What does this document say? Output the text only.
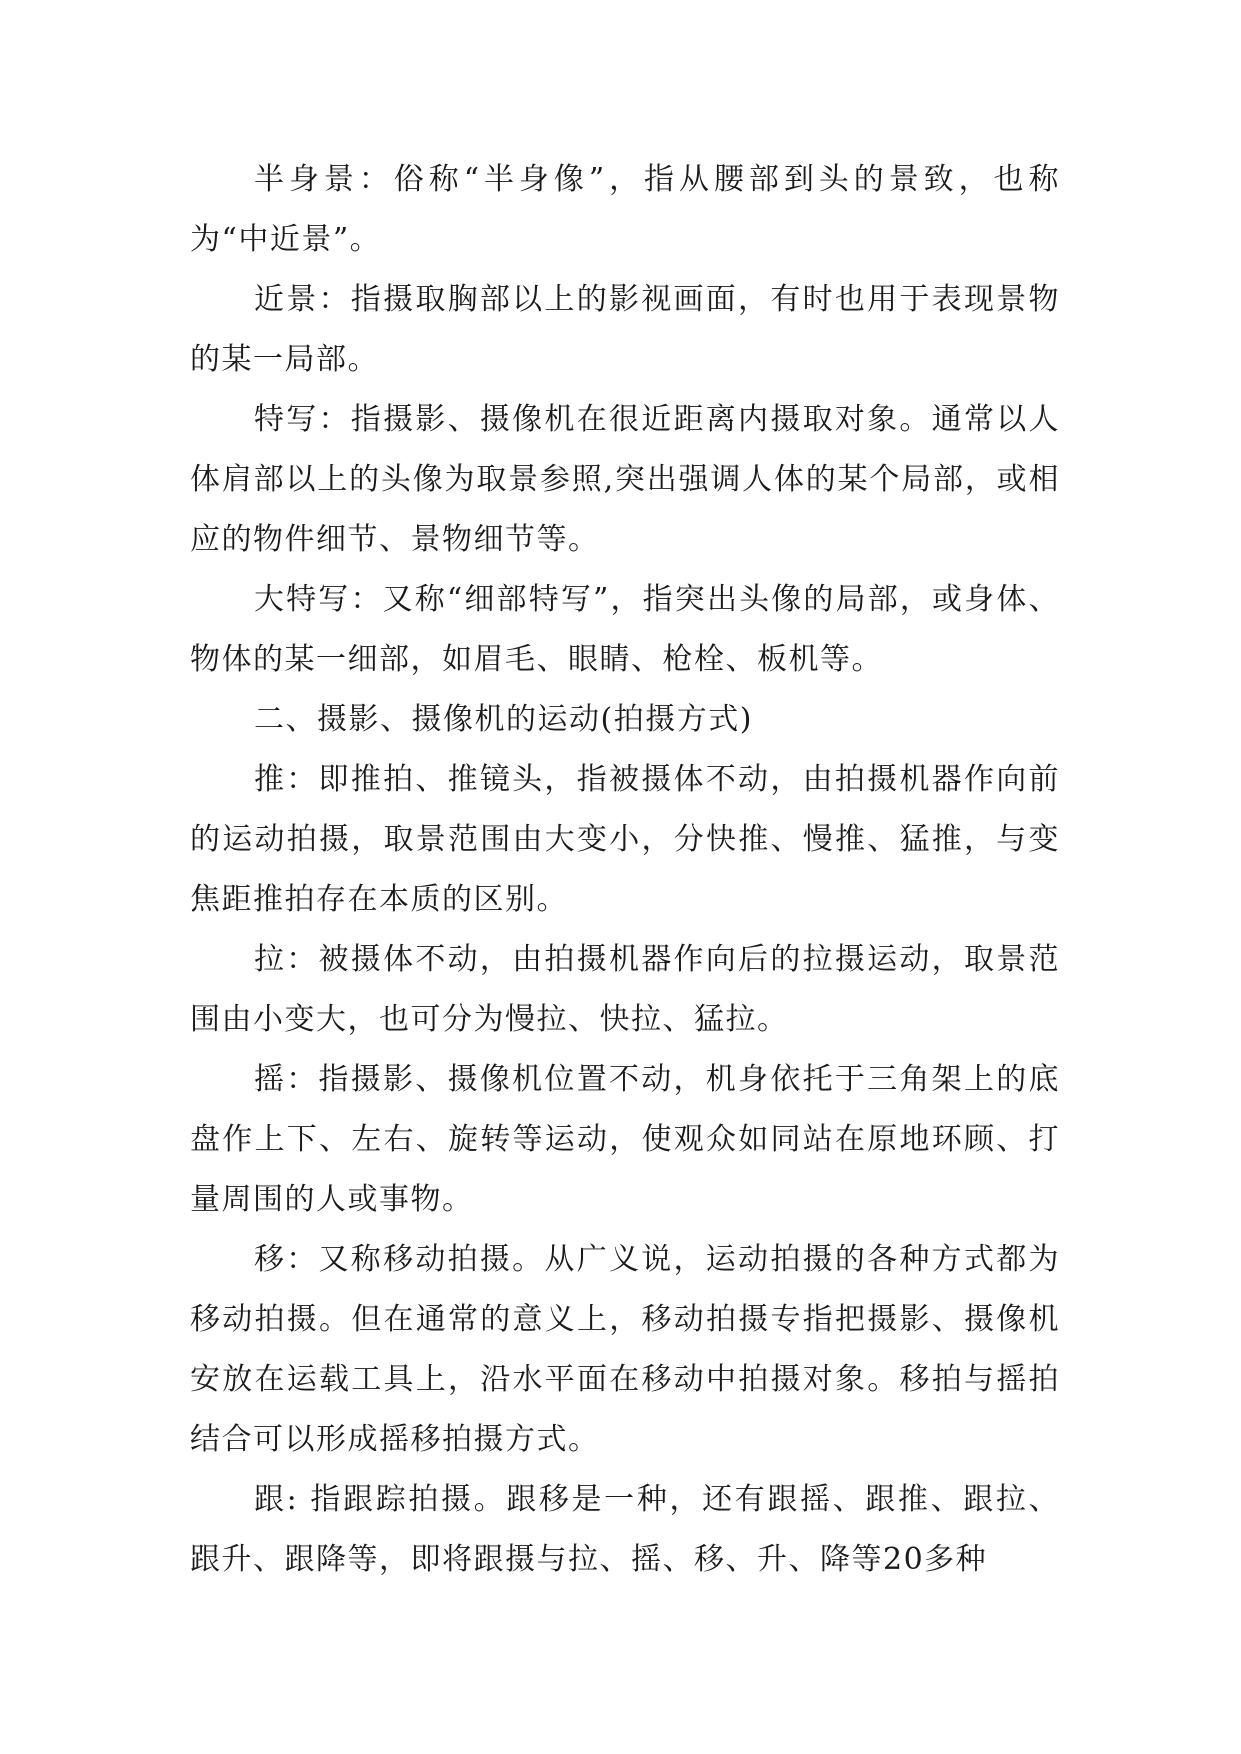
半身景：俗称“半身像”，指从腰部到头的景致，也称为“中近景”。

近景：指摄取胸部以上的影视画面，有时也用于表现景物的某一局部。

特写：指摄影、摄像机在很近距离内摄取对象。通常以人体肩部以上的头像为取景参照,突出强调人体的某个局部，或相应的物件细节、景物细节等。

大特写：又称“细部特写”，指突出头像的局部，或身体、物体的某一细部，如眉毛、眼睛、枪栓、板机等。

二、摄影、摄像机的运动(拍摄方式)

推：即推拍、推镜头，指被摄体不动，由拍摄机器作向前的运动拍摄，取景范围由大变小，分快推、慢推、猛推，与变焦距推拍存在本质的区别。

拉：被摄体不动，由拍摄机器作向后的拉摄运动，取景范围由小变大，也可分为慢拉、快拉、猛拉。

摇：指摄影、摄像机位置不动，机身依托于三角架上的底盘作上下、左右、旋转等运动，使观众如同站在原地环顾、打量周围的人或事物。

移：又称移动拍摄。从广义说，运动拍摄的各种方式都为移动拍摄。但在通常的意义上，移动拍摄专指把摄影、摄像机安放在运载工具上，沿水平面在移动中拍摄对象。移拍与摇拍结合可以形成摇移拍摄方式。

跟: 指跟踪拍摄。跟移是一种，还有跟摇、跟推、跟拉、跟升、跟降等，即将跟摄与拉、摇、移、升、降等20多种
